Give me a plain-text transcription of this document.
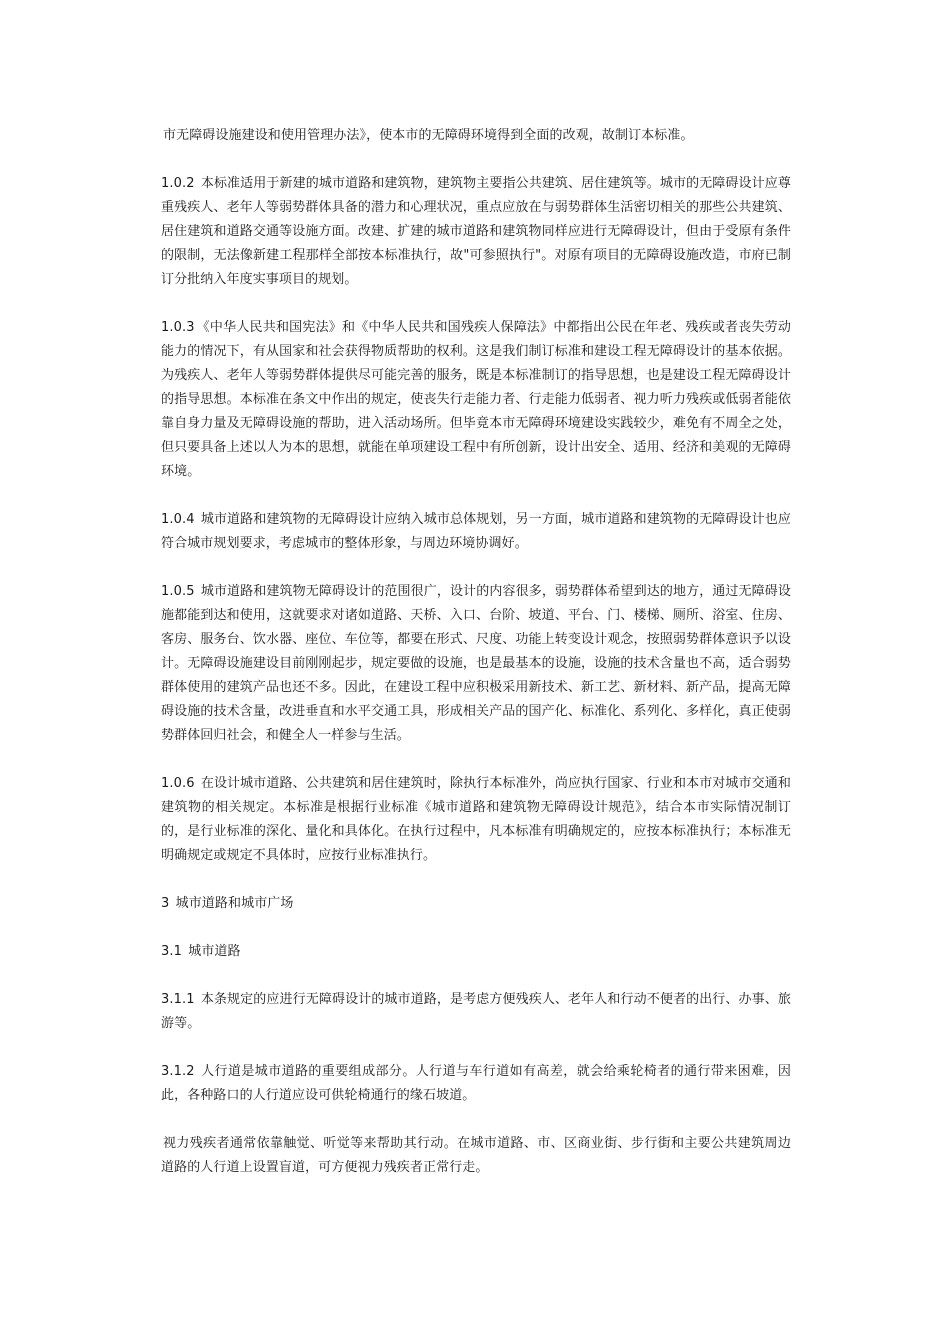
市无障碍设施建设和使用管理办法》，使本市的无障碍环境得到全面的改观，故制订本标准。

1.0.2 本标准适用于新建的城市道路和建筑物，建筑物主要指公共建筑、居住建筑等。城市的无障碍设计应尊重残疾人、老年人等弱势群体具备的潜力和心理状况，重点应放在与弱势群体生活密切相关的那些公共建筑、居住建筑和道路交通等设施方面。改建、扩建的城市道路和建筑物同样应进行无障碍设计，但由于受原有条件的限制，无法像新建工程那样全部按本标准执行，故"可参照执行"。对原有项目的无障碍设施改造，市府已制订分批纳入年度实事项目的规划。

1.0.3 《中华人民共和国宪法》和《中华人民共和国残疾人保障法》中都指出公民在年老、残疾或者丧失劳动能力的情况下，有从国家和社会获得物质帮助的权利。这是我们制订标准和建设工程无障碍设计的基本依据。为残疾人、老年人等弱势群体提供尽可能完善的服务，既是本标准制订的指导思想，也是建设工程无障碍设计的指导思想。本标准在条文中作出的规定，使丧失行走能力者、行走能力低弱者、视力听力残疾或低弱者能依靠自身力量及无障碍设施的帮助，进入活动场所。但毕竟本市无障碍环境建设实践较少，难免有不周全之处，但只要具备上述以人为本的思想，就能在单项建设工程中有所创新，设计出安全、适用、经济和美观的无障碍环境。

1.0.4 城市道路和建筑物的无障碍设计应纳入城市总体规划，另一方面，城市道路和建筑物的无障碍设计也应符合城市规划要求，考虑城市的整体形象，与周边环境协调好。

1.0.5 城市道路和建筑物无障碍设计的范围很广，设计的内容很多，弱势群体希望到达的地方，通过无障碍设施都能到达和使用，这就要求对诸如道路、天桥、入口、台阶、坡道、平台、门、楼梯、厕所、浴室、住房、客房、服务台、饮水器、座位、车位等，都要在形式、尺度、功能上转变设计观念，按照弱势群体意识予以设计。无障碍设施建设目前刚刚起步，规定要做的设施，也是最基本的设施，设施的技术含量也不高，适合弱势群体使用的建筑产品也还不多。因此，在建设工程中应积极采用新技术、新工艺、新材料、新产品，提高无障碍设施的技术含量，改进垂直和水平交通工具，形成相关产品的国产化、标准化、系列化、多样化，真正使弱势群体回归社会，和健全人一样参与生活。

1.0.6 在设计城市道路、公共建筑和居住建筑时，除执行本标准外，尚应执行国家、行业和本市对城市交通和建筑物的相关规定。本标准是根据行业标准《城市道路和建筑物无障碍设计规范》，结合本市实际情况制订的，是行业标准的深化、量化和具体化。在执行过程中，凡本标准有明确规定的，应按本标准执行；本标准无明确规定或规定不具体时，应按行业标准执行。

3 城市道路和城市广场

3.1 城市道路

3.1.1 本条规定的应进行无障碍设计的城市道路，是考虑方便残疾人、老年人和行动不便者的出行、办事、旅游等。

3.1.2 人行道是城市道路的重要组成部分。人行道与车行道如有高差，就会给乘轮椅者的通行带来困难，因此，各种路口的人行道应设可供轮椅通行的缘石坡道。

视力残疾者通常依靠触觉、听觉等来帮助其行动。在城市道路、市、区商业街、步行街和主要公共建筑周边道路的人行道上设置盲道，可方便视力残疾者正常行走。
